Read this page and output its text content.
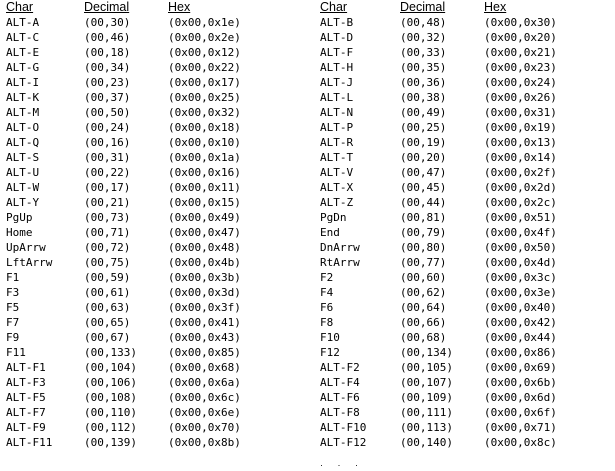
Char	Decimal	Hex	Char	Decimal	Hex
ALT-A	(00,30)	(0x00,0x1e)	ALT-B	(00,48)	(0x00,0x30)
ALT-C	(00,46)	(0x00,0x2e)	ALT-D	(00,32)	(0x00,0x20)
ALT-E	(00,18)	(0x00,0x12)	ALT-F	(00,33)	(0x00,0x21)
ALT-G	(00,34)	(0x00,0x22)	ALT-H	(00,35)	(0x00,0x23)
ALT-I	(00,23)	(0x00,0x17)	ALT-J	(00,36)	(0x00,0x24)
ALT-K	(00,37)	(0x00,0x25)	ALT-L	(00,38)	(0x00,0x26)
ALT-M	(00,50)	(0x00,0x32)	ALT-N	(00,49)	(0x00,0x31)
ALT-O	(00,24)	(0x00,0x18)	ALT-P	(00,25)	(0x00,0x19)
ALT-Q	(00,16)	(0x00,0x10)	ALT-R	(00,19)	(0x00,0x13)
ALT-S	(00,31)	(0x00,0x1a)	ALT-T	(00,20)	(0x00,0x14)
ALT-U	(00,22)	(0x00,0x16)	ALT-V	(00,47)	(0x00,0x2f)
ALT-W	(00,17)	(0x00,0x11)	ALT-X	(00,45)	(0x00,0x2d)
ALT-Y	(00,21)	(0x00,0x15)	ALT-Z	(00,44)	(0x00,0x2c)
PgUp	(00,73)	(0x00,0x49)	PgDn	(00,81)	(0x00,0x51)
Home	(00,71)	(0x00,0x47)	End	(00,79)	(0x00,0x4f)
UpArrw	(00,72)	(0x00,0x48)	DnArrw	(00,80)	(0x00,0x50)
LftArrw	(00,75)	(0x00,0x4b)	RtArrw	(00,77)	(0x00,0x4d)
F1	(00,59)	(0x00,0x3b)	F2	(00,60)	(0x00,0x3c)
F3	(00,61)	(0x00,0x3d)	F4	(00,62)	(0x00,0x3e)
F5	(00,63)	(0x00,0x3f)	F6	(00,64)	(0x00,0x40)
F7	(00,65)	(0x00,0x41)	F8	(00,66)	(0x00,0x42)
F9	(00,67)	(0x00,0x43)	F10	(00,68)	(0x00,0x44)
F11	(00,133)	(0x00,0x85)	F12	(00,134)	(0x00,0x86)
ALT-F1	(00,104)	(0x00,0x68)	ALT-F2	(00,105)	(0x00,0x69)
ALT-F3	(00,106)	(0x00,0x6a)	ALT-F4	(00,107)	(0x00,0x6b)
ALT-F5	(00,108)	(0x00,0x6c)	ALT-F6	(00,109)	(0x00,0x6d)
ALT-F7	(00,110)	(0x00,0x6e)	ALT-F8	(00,111)	(0x00,0x6f)
ALT-F9	(00,112)	(0x00,0x70)	ALT-F10	(00,113)	(0x00,0x71)
ALT-F11	(00,139)	(0x00,0x8b)	ALT-F12	(00,140)	(0x00,0x8c)
· · ·
